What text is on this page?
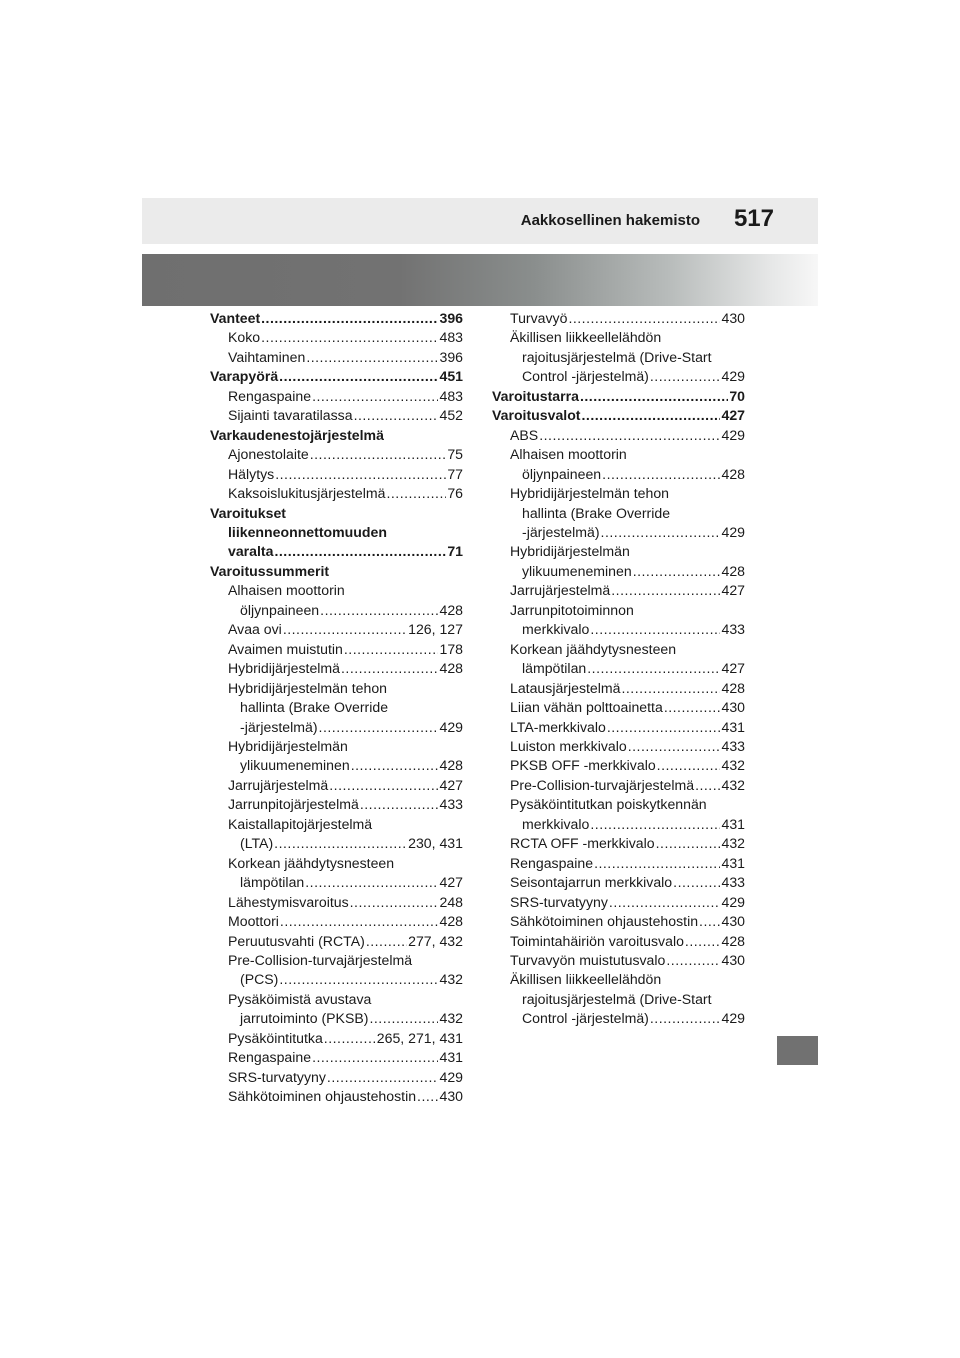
Aakkosellinen hakemisto 517
Vanteet .....	396
Koko .....	483
Vaihtaminen .....	396
Varapyörä .....	451
Rengaspaine .....	483
Sijainti tavaratilassa .....	452
Varkaudenestojärjestelmä
Ajonestolaite .....	75
Hälytys .....	77
Kaksoislukitusjärjestelmä .....	76
Varoitukset
liikenneonnettomuuden
varalta .....	71
Varoitussummerit
Alhaisen moottorin
öljynpaineen .....	428
Avaa ovi .....	126, 127
Avaimen muistutin .....	178
Hybridijärjestelmä .....	428
Hybridijärjestelmän tehon
hallinta (Brake Override
-järjestelmä) .....	429
Hybridijärjestelmän
ylikuumeneminen .....	428
Jarrujärjestelmä .....	427
Jarrunpitojärjestelmä .....	433
Kaistallapitojärjestelmä
(LTA) .....	230, 431
Korkean jäähdytysnesteen
lämpötilan .....	427
Lähestymisvaroitus .....	248
Moottori .....	428
Peruutusvahti (RCTA) .....	277, 432
Pre-Collision-turvajärjestelmä
(PCS) .....	432
Pysäköimistä avustava
jarrutoiminto (PKSB) .....	432
Pysäköintitutka .....	265, 271, 431
Rengaspaine .....	431
SRS-turvatyyny .....	429
Sähkötoiminen ohjaustehostin ..... 430
Turvavyö .....	430
Äkillisen liikkeellelähdön
rajoitusjärjestelmä (Drive-Start
Control -järjestelmä) .....	429
Varoitustarra .....	70
Varoitusvalot .....	427
ABS .....	429
Alhaisen moottorin
öljynpaineen .....	428
Hybridijärjestelmän tehon
hallinta (Brake Override
-järjestelmä) .....	429
Hybridijärjestelmän
ylikuumeneminen .....	428
Jarrujärjestelmä .....	427
Jarrunpitotoiminnon
merkkivalo .....	433
Korkean jäähdytysnesteen
lämpötilan .....	427
Latausjärjestelmä .....	428
Liian vähän polttoainetta .....	430
LTA-merkkivalo .....	431
Luiston merkkivalo .....	433
PKSB OFF -merkkivalo .....	432
Pre-Collision-turvajärjestelmä ..... 432
Pysäköintitutkan poiskytkennän
merkkivalo .....	431
RCTA OFF -merkkivalo .....	432
Rengaspaine .....	431
Seisontajarrun merkkivalo .....	433
SRS-turvatyyny .....	429
Sähkötoiminen ohjaustehostin ..... 430
Toimintahäiriön varoitusvalo .....	428
Turvavyön muistutusvalo .....	430
Äkillisen liikkeellelähdön
rajoitusjärjestelmä (Drive-Start
Control -järjestelmä) .....	429
